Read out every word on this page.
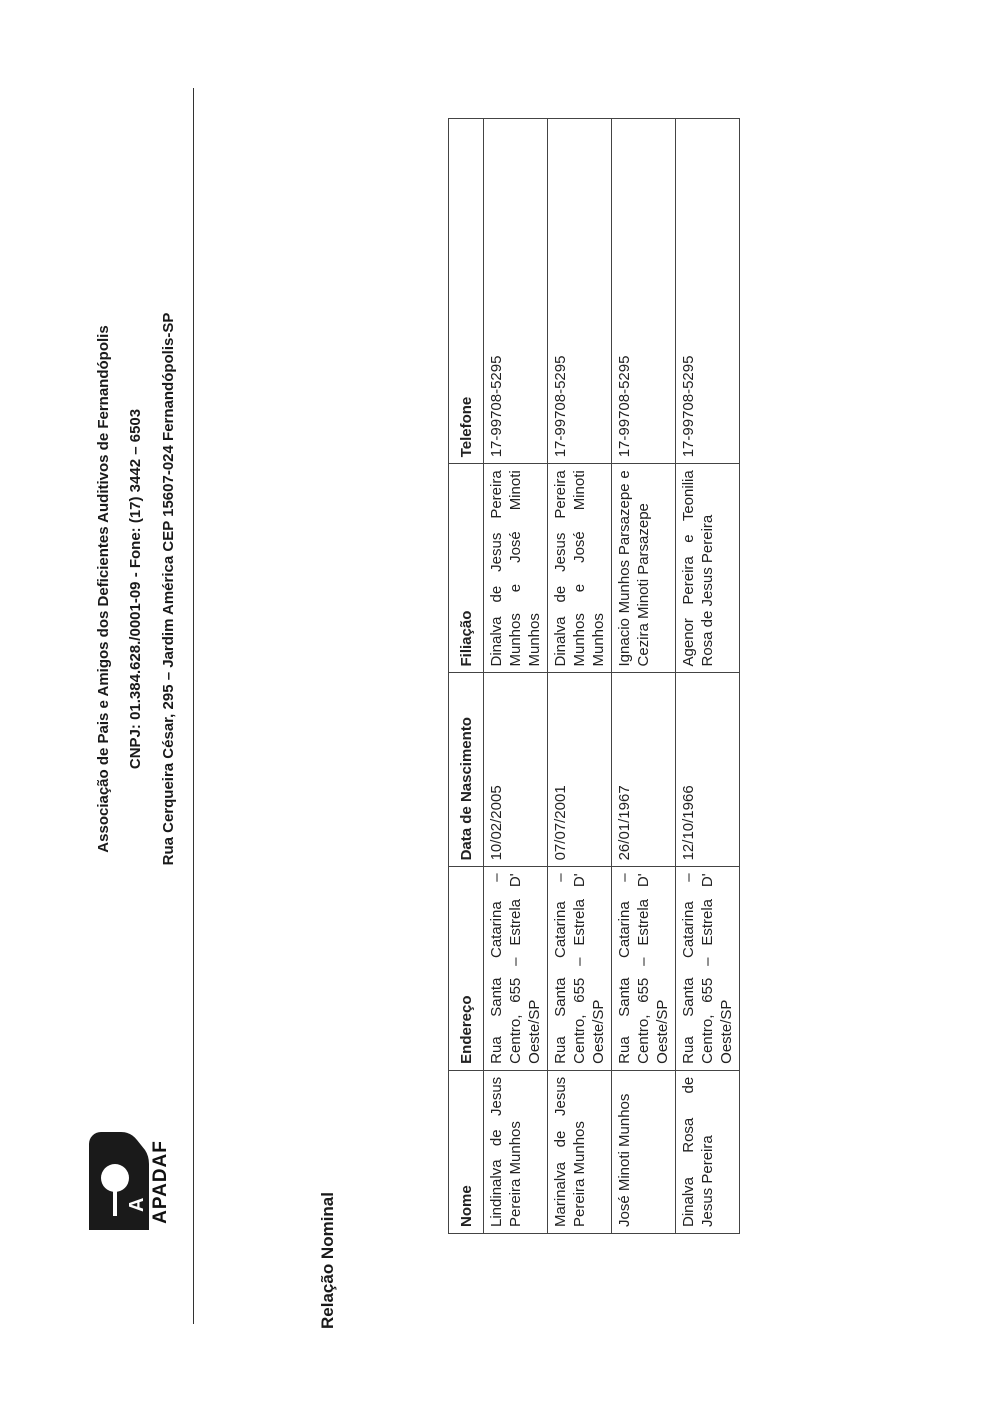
A APADAF
Associação de Pais e Amigos dos Deficientes Auditivos de Fernandópolis CNPJ: 01.384.628./0001-09 - Fone: (17) 3442 – 6503 Rua Cerqueira César, 295 – Jardim América CEP 15607-024 Fernandópolis-SP
Relação Nominal	Nome	Endereço	Data de Nascimento	Filiação	Telefone
Lindinalva de Jesus Pereira Munhos	Rua Santa Catarina – Centro, 655 – Estrela D' Oeste/SP	10/02/2005	Dinalva de Jesus Pereira Munhos e José Minoti Munhos	17-99708-5295
Marinalva de Jesus Pereira Munhos	Rua Santa Catarina – Centro, 655 – Estrela D' Oeste/SP	07/07/2001	Dinalva de Jesus Pereira Munhos e José Minoti Munhos	17-99708-5295
José Minoti Munhos	Rua Santa Catarina – Centro, 655 – Estrela D' Oeste/SP	26/01/1967	Ignacio Munhos Parsazepe e Cezira Minoti Parsazepe	17-99708-5295
Dinalva Rosa de Jesus Pereira	Rua Santa Catarina – Centro, 655 – Estrela D' Oeste/SP	12/10/1966	Agenor Pereira e Teonilia Rosa de Jesus Pereira	17-99708-5295
